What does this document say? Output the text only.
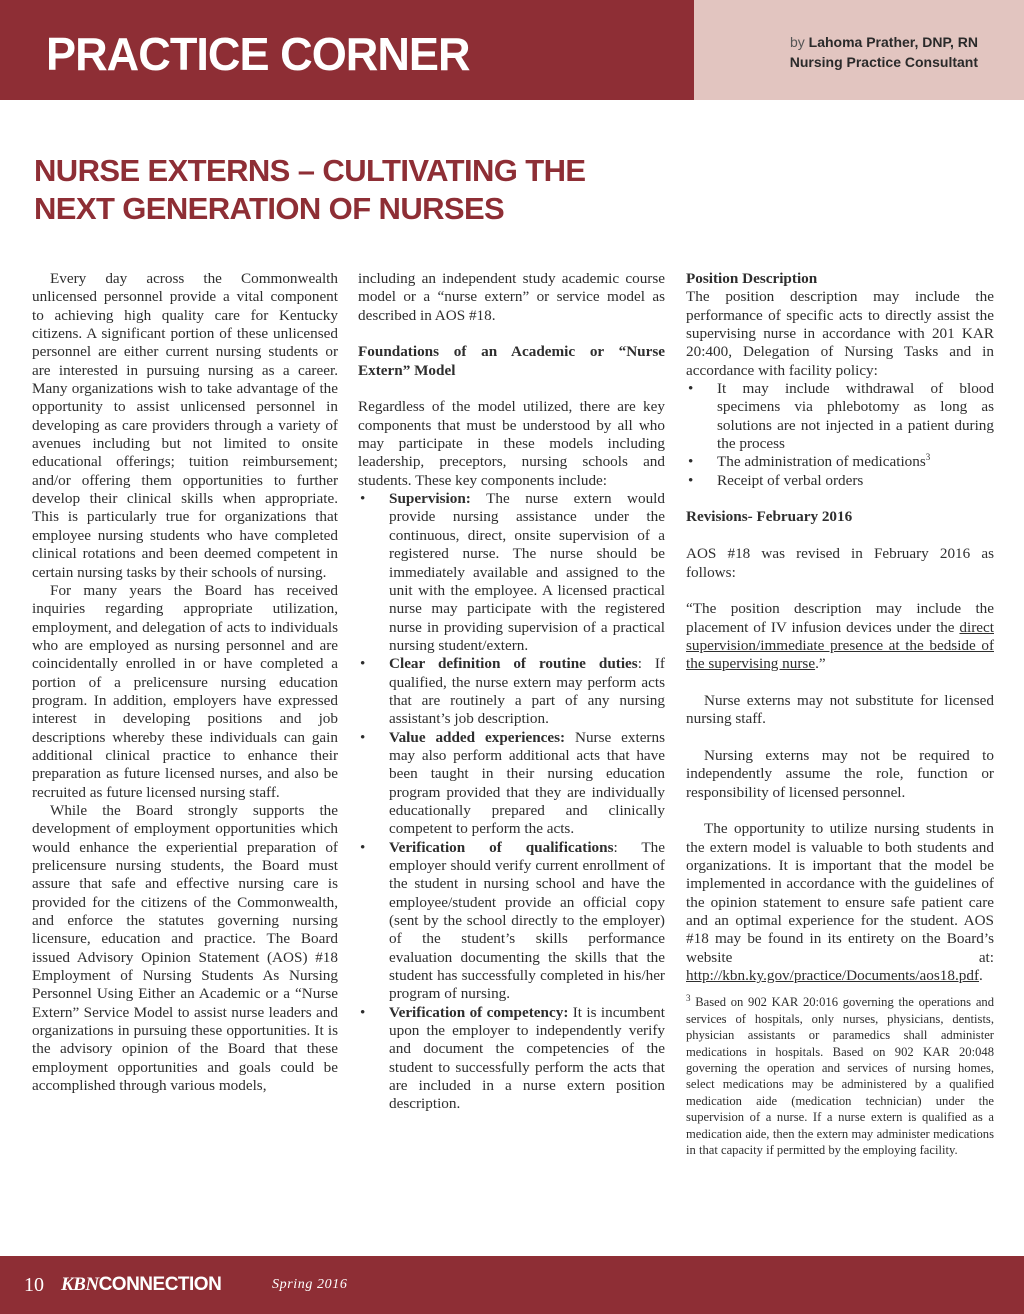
PRACTICE CORNER	by Lahoma Prather, DNP, RN
Nursing Practice Consultant
NURSE EXTERNS – CULTIVATING THE
NEXT GENERATION OF NURSES

Every day across the Commonwealth unlicensed personnel provide a vital component to achieving high quality care for Kentucky citizens. A significant portion of these unlicensed personnel are either current nursing students or are interested in pursuing nursing as a career. Many organizations wish to take advantage of the opportunity to assist unlicensed personnel in developing as care providers through a variety of avenues including but not limited to onsite educational offerings; tuition reimbursement; and/or offering them opportunities to further develop their clinical skills when appropriate. This is particularly true for organizations that employee nursing students who have completed clinical rotations and been deemed competent in certain nursing tasks by their schools of nursing.

For many years the Board has received inquiries regarding appropriate utilization, employment, and delegation of acts to individuals who are employed as nursing personnel and are coincidentally enrolled in or have completed a portion of a prelicensure nursing education program. In addition, employers have expressed interest in developing positions and job descriptions whereby these individuals can gain additional clinical practice to enhance their preparation as future licensed nurses, and also be recruited as future licensed nursing staff.

While the Board strongly supports the development of employment opportunities which would enhance the experiential preparation of prelicensure nursing students, the Board must assure that safe and effective nursing care is provided for the citizens of the Commonwealth, and enforce the statutes governing nursing licensure, education and practice. The Board issued Advisory Opinion Statement (AOS) #18 Employment of Nursing Students As Nursing Personnel Using Either an Academic or a “Nurse Extern” Service Model to assist nurse leaders and organizations in pursuing these opportunities. It is the advisory opinion of the Board that these employment opportunities and goals could be accomplished through various models,

including an independent study academic course model or a “nurse extern” or service model as described in AOS #18.

Foundations of an Academic or “Nurse Extern” Model

Regardless of the model utilized, there are key components that must be understood by all who may participate in these models including leadership, preceptors, nursing schools and students. These key components include:

• Supervision: The nurse extern would provide nursing assistance under the continuous, direct, onsite supervision of a registered nurse. The nurse should be immediately available and assigned to the unit with the employee. A licensed practical nurse may participate with the registered nurse in providing supervision of a practical nursing student/extern.
• Clear definition of routine duties: If qualified, the nurse extern may perform acts that are routinely a part of any nursing assistant’s job description.
• Value added experiences: Nurse externs may also perform additional acts that have been taught in their nursing education program provided that they are individually educationally prepared and clinically competent to perform the acts.
• Verification of qualifications: The employer should verify current enrollment of the student in nursing school and have the employee/student provide an official copy (sent by the school directly to the employer) of the student’s skills performance evaluation documenting the skills that the student has successfully completed in his/her program of nursing.
• Verification of competency: It is incumbent upon the employer to independently verify and document the competencies of the student to successfully perform the acts that are included in a nurse extern position description.

Position Description

The position description may include the performance of specific acts to directly assist the supervising nurse in accordance with 201 KAR 20:400, Delegation of Nursing Tasks and in accordance with facility policy:

• It may include withdrawal of blood specimens via phlebotomy as long as solutions are not injected in a patient during the process
• The administration of medications$^3$
• Receipt of verbal orders

Revisions- February 2016

AOS #18 was revised in February 2016 as follows:

“The position description may include the placement of IV infusion devices under the direct supervision/immediate presence at the bedside of the supervising nurse.”

Nurse externs may not substitute for licensed nursing staff.

Nursing externs may not be required to independently assume the role, function or responsibility of licensed personnel.

The opportunity to utilize nursing students in the extern model is valuable to both students and organizations. It is important that the model be implemented in accordance with the guidelines of the opinion statement to ensure safe patient care and an optimal experience for the student. AOS #18 may be found in its entirety on the Board’s website at: http://kbn.ky.gov/practice/Documents/aos18.pdf.

$^3$ Based on 902 KAR 20:016 governing the operations and services of hospitals, only nurses, physicians, dentists, physician assistants or paramedics shall administer medications in hospitals. Based on 902 KAR 20:048 governing the operation and services of nursing homes, select medications may be administered by a qualified medication aide (medication technician) under the supervision of a nurse. If a nurse extern is qualified as a medication aide, then the extern may administer medications in that capacity if permitted by the employing facility.

10 KBNCONNECTION	Spring 2016
